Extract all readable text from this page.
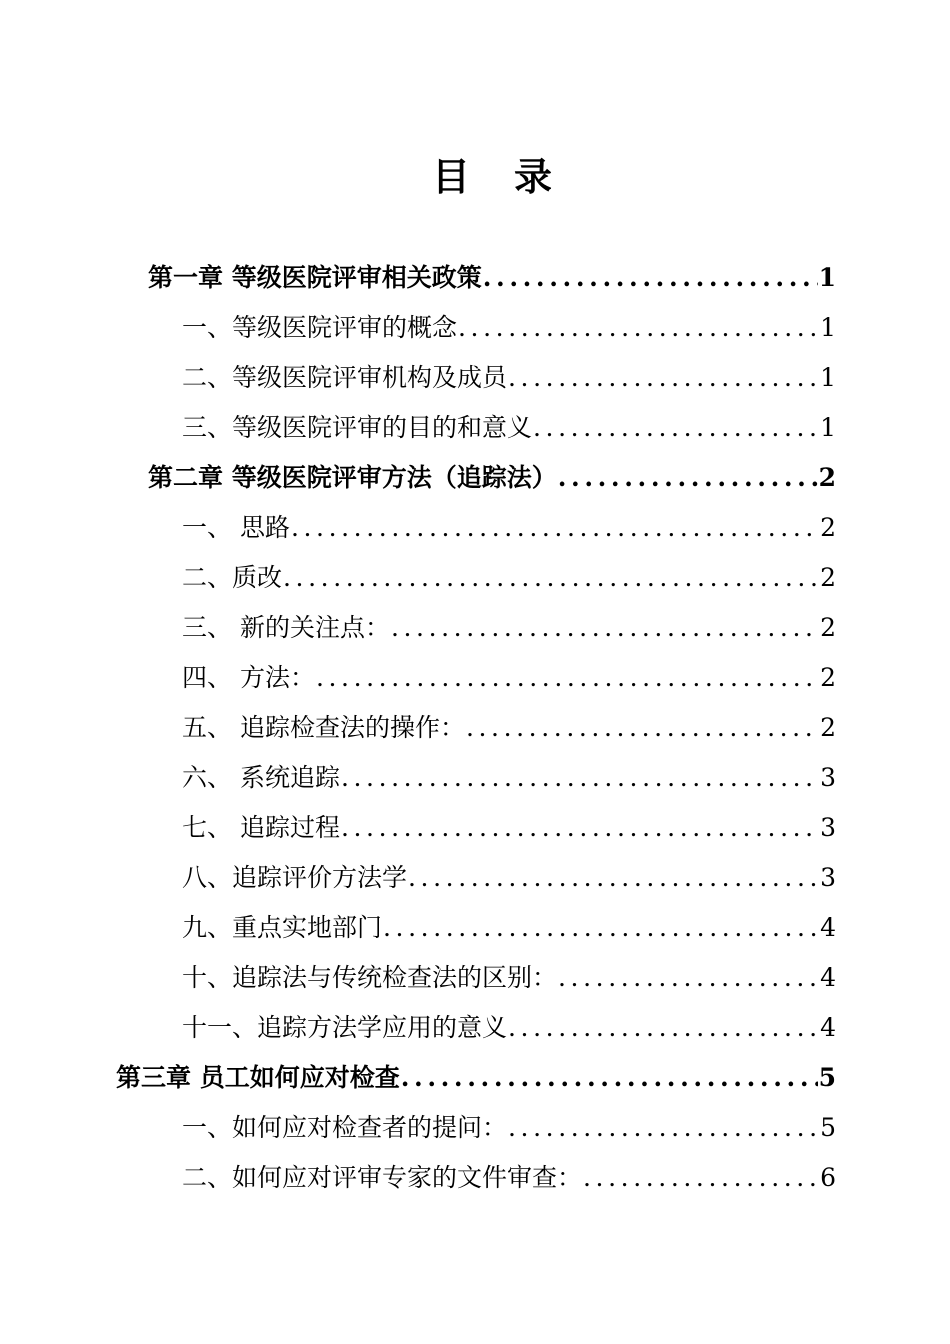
目 录
第一章 等级医院评审相关政策 .....	1
一、等级医院评审的概念 .....	1
二、等级医院评审机构及成员 .....	1
三、等级医院评审的目的和意义 .....	1
第二章 等级医院评审方法（追踪法） .....	2
一、 思路 .....	2
二、质改 .....	2
三、 新的关注点： .....	2
四、 方法： .....	2
五、 追踪检查法的操作： .....	2
六、 系统追踪 .....	3
七、 追踪过程 .....	3
八、追踪评价方法学 .....	3
九、重点实地部门 .....	4
十、追踪法与传统检查法的区别： .....	4
十一、追踪方法学应用的意义 .....	4
第三章 员工如何应对检查 .....	5
一、如何应对检查者的提问： .....	5
二、如何应对评审专家的文件审查： .....	6
